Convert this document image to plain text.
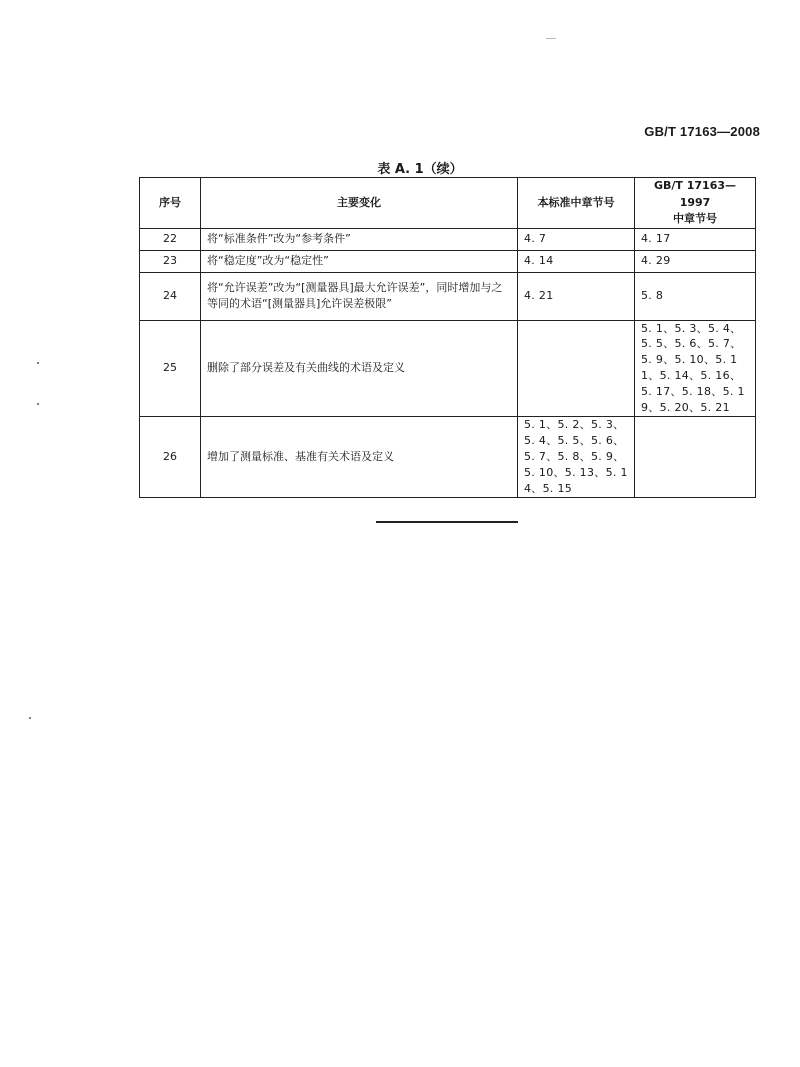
GB/T 17163—2008
表 A. 1（续）
序号	主要变化	本标准中章节号	GB/T 17163—1997
中章节号

22	将“标准条件”改为“参考条件”	4. 7	4. 17
23	将“稳定度”改为“稳定性”	4. 14	4. 29
24	将“允许误差”改为“[测量器具]最大允许误差”，同时增加与之等同的术语“[测量器具]允许误差极限”	4. 21	5. 8
25	删除了部分误差及有关曲线的术语及定义		5. 1、5. 3、5. 4、5. 5、5. 6、5. 7、5. 9、5. 10、5. 11、5. 14、5. 16、5. 17、5. 18、5. 19、5. 20、5. 21
26	增加了测量标准、基准有关术语及定义	5. 1、5. 2、5. 3、5. 4、5. 5、5. 6、5. 7、5. 8、5. 9、5. 10、5. 13、5. 14、5. 15	
